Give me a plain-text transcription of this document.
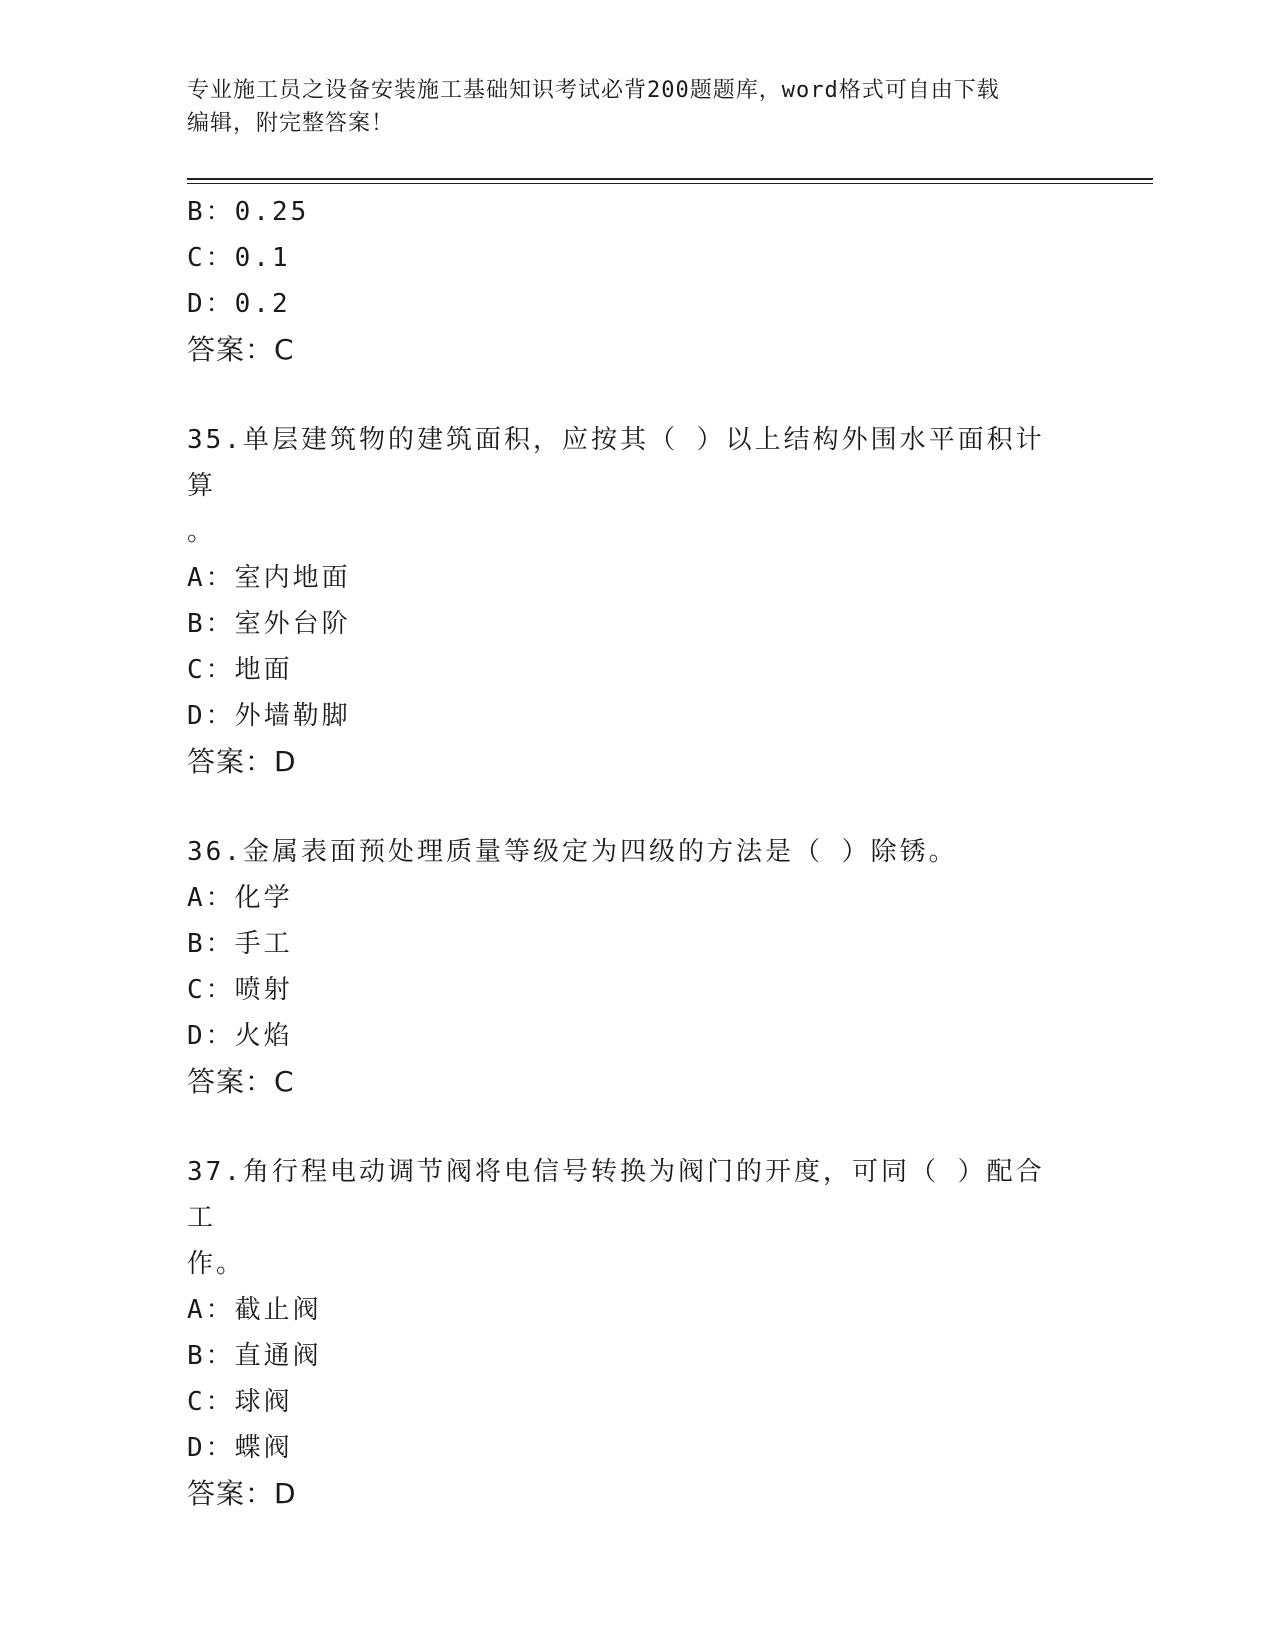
专业施工员之设备安装施工基础知识考试必背200题题库，word格式可自由下载
编辑，附完整答案！
B：0.25
C：0.1
D：0.2
答案：C
35.单层建筑物的建筑面积，应按其（ ）以上结构外围水平面积计算
。
A：室内地面
B：室外台阶
C：地面
D：外墙勒脚
答案：D
36.金属表面预处理质量等级定为四级的方法是（ ）除锈。
A：化学
B：手工
C：喷射
D：火焰
答案：C
37.角行程电动调节阀将电信号转换为阀门的开度，可同（ ）配合工
作。
A：截止阀
B：直通阀
C：球阀
D：蝶阀
答案：D
